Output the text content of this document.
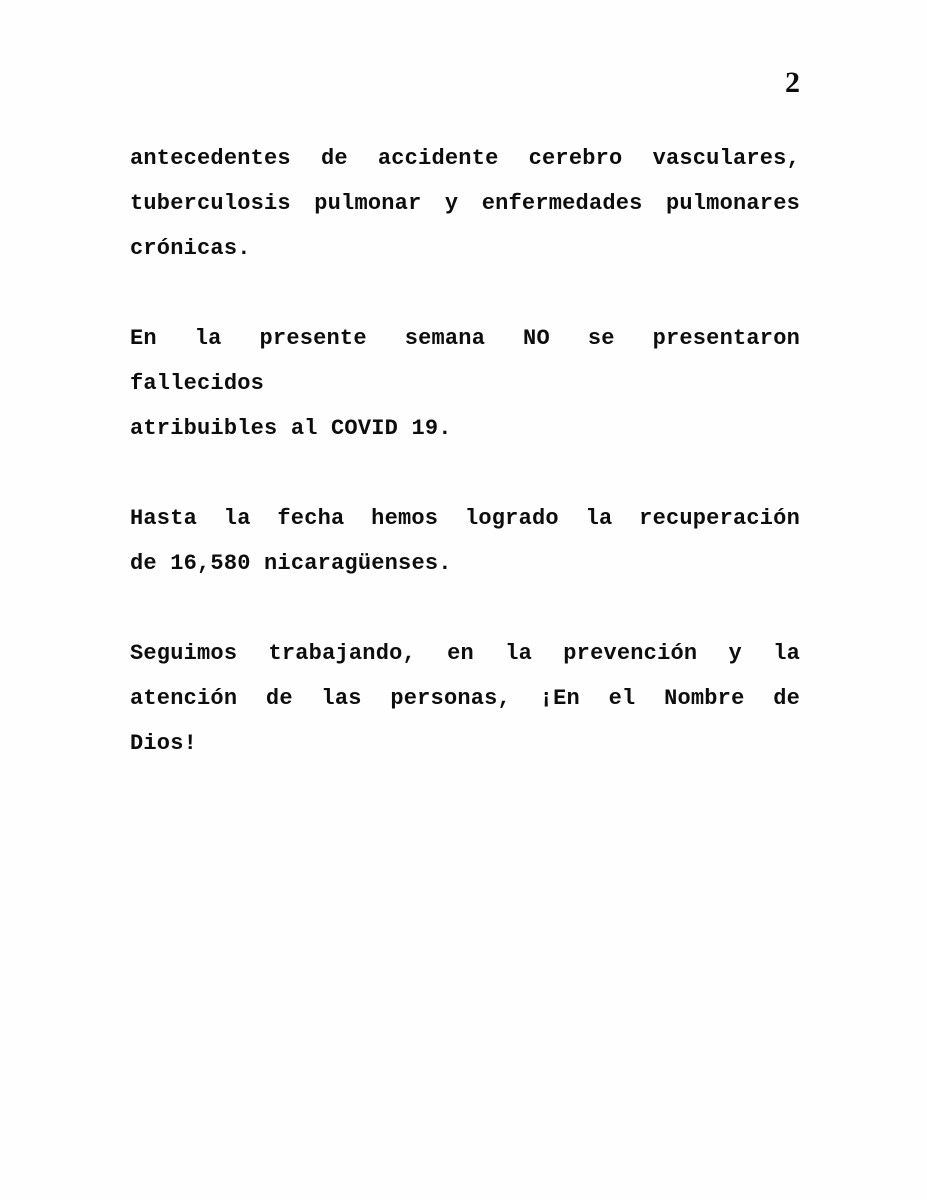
2
antecedentes de accidente cerebro vasculares,
tuberculosis pulmonar y enfermedades pulmonares
crónicas.
En la presente semana NO se presentaron fallecidos
atribuibles al COVID 19.
Hasta la fecha hemos logrado la recuperación
de 16,580 nicaragüenses.
Seguimos trabajando, en la prevención y la
atención de las personas, ¡En el Nombre de
Dios!
